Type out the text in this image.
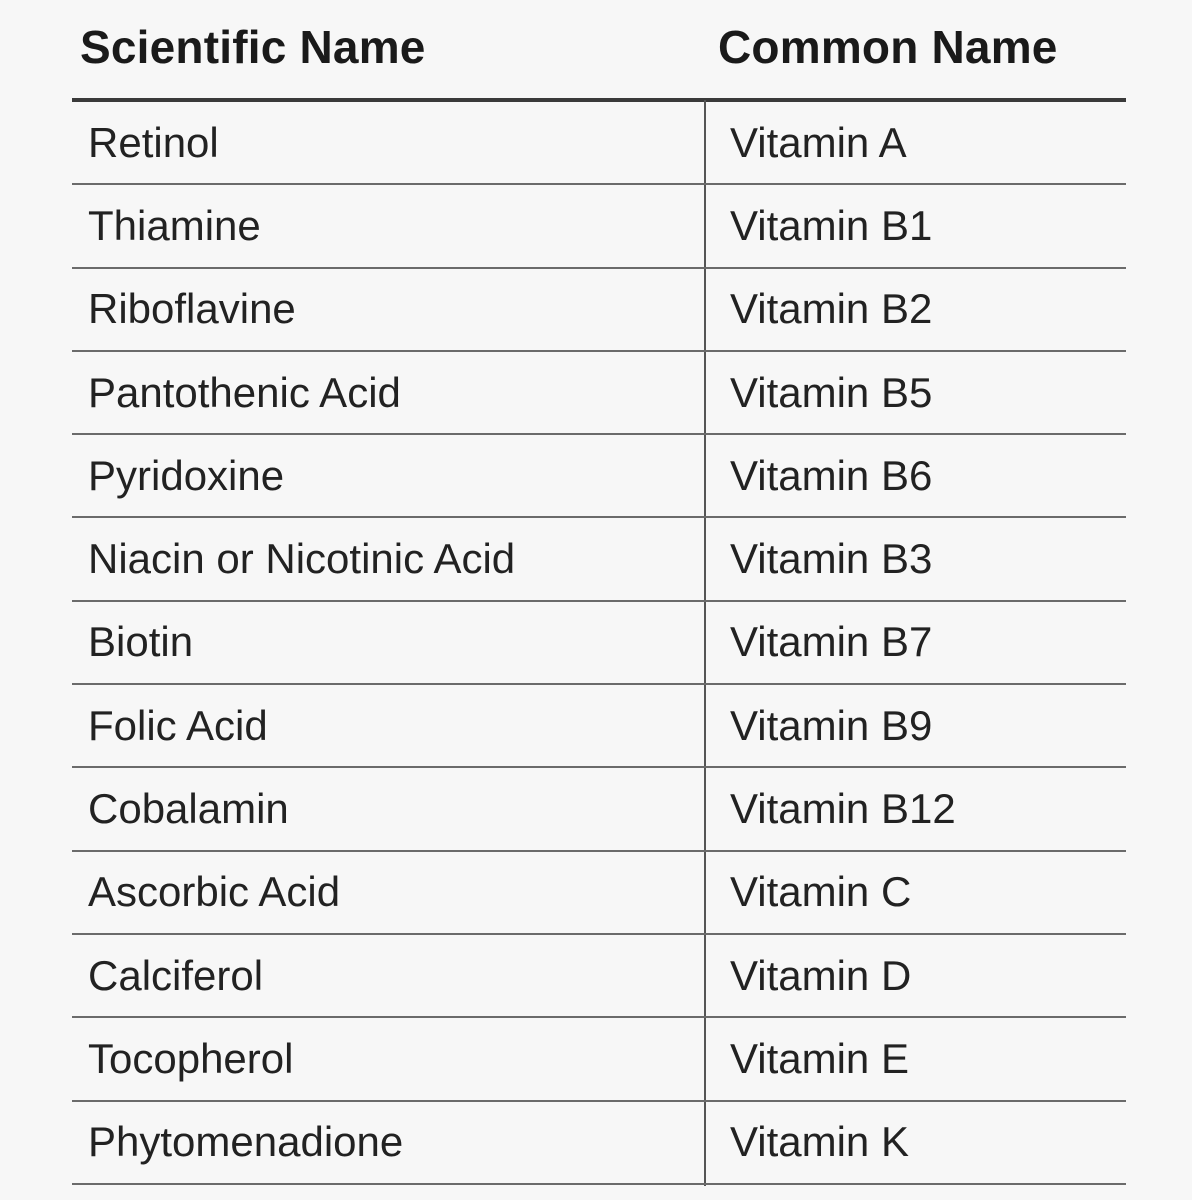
Scientific Name	Common Name
Retinol	Vitamin A
Thiamine	Vitamin B1
Riboflavine	Vitamin B2
Pantothenic Acid	Vitamin B5
Pyridoxine	Vitamin B6
Niacin or Nicotinic Acid	Vitamin B3
Biotin	Vitamin B7
Folic Acid	Vitamin B9
Cobalamin	Vitamin B12
Ascorbic Acid	Vitamin C
Calciferol	Vitamin D
Tocopherol	Vitamin E
Phytomenadione	Vitamin K
